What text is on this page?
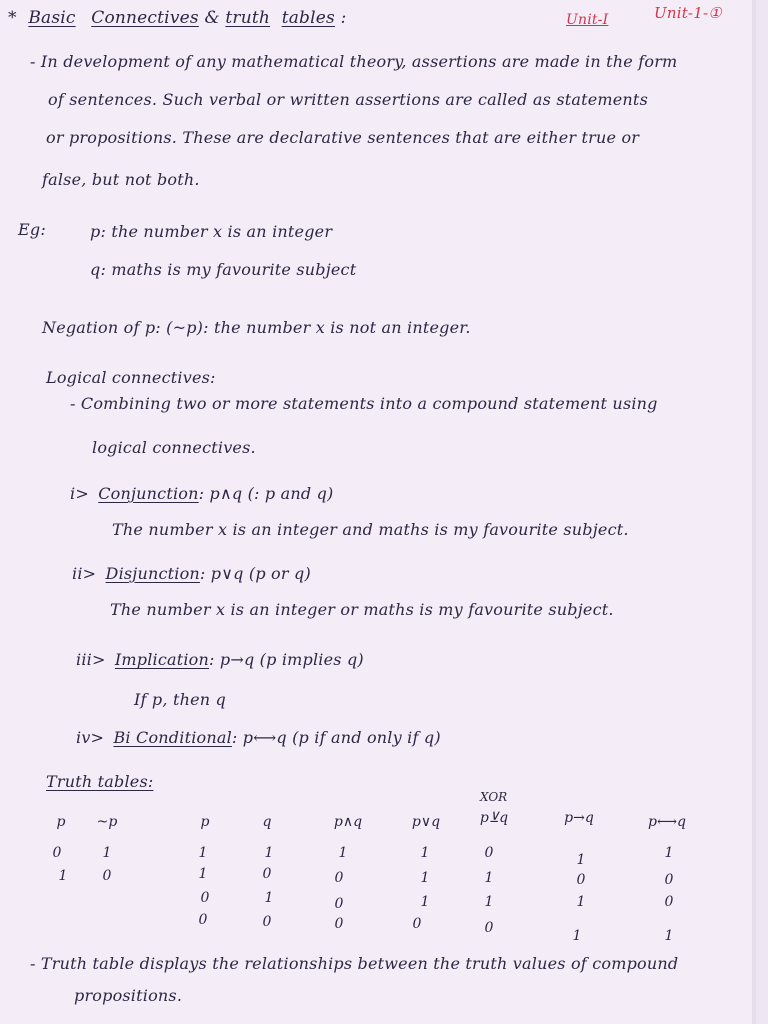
Unit-I	Unit-1-①
* Basic Connectives & truth tables :
- In development of any mathematical theory, assertions are made in the form
of sentences. Such verbal or written assertions are called as statements
or propositions. These are declarative sentences that are either true or
false, but not both.
Eg:	p: the number x is an integer
q: maths is my favourite subject
Negation of p: (~p): the number x is not an integer.
Logical connectives:
- Combining two or more statements into a compound statement using
logical connectives.
i> Conjunction: p∧q (: p and q)
The number x is an integer and maths is my favourite subject.
ii> Disjunction: p∨q (p or q)
The number x is an integer or maths is my favourite subject.
iii> Implication: p→q (p implies q)
If p, then q
iv> Bi Conditional: p⟷q (p if and only if q)
Truth tables:
XOR
p	~p
0	1
1	0
p	q	p∧q	p∨q	p⊻q	p→q	p⟷q
1	1	1	1	0	1	1
1	0	0	1	1	0	0
0	1	0	1	1	1	0
0	0	0	0	0	1	1
- Truth table displays the relationships between the truth values of compound
propositions.
